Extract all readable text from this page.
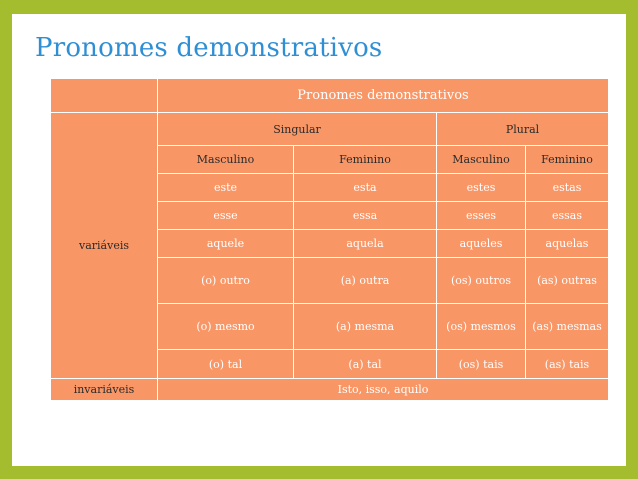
Pronomes demonstrativos
	Pronomes demonstrativos			
variáveis	Singular		Plural	
	Masculino	Feminino	Masculino	Feminino
	este	esta	estes	estas
	esse	essa	esses	essas
	aquele	aquela	aqueles	aquelas
	(o) outro	(a) outra	(os) outros	(as) outras
	(o) mesmo	(a) mesma	(os) mesmos	(as) mesmas
	(o) tal	(a) tal	(os) tais	(as) tais
invariáveis	Isto, isso, aquilo			
